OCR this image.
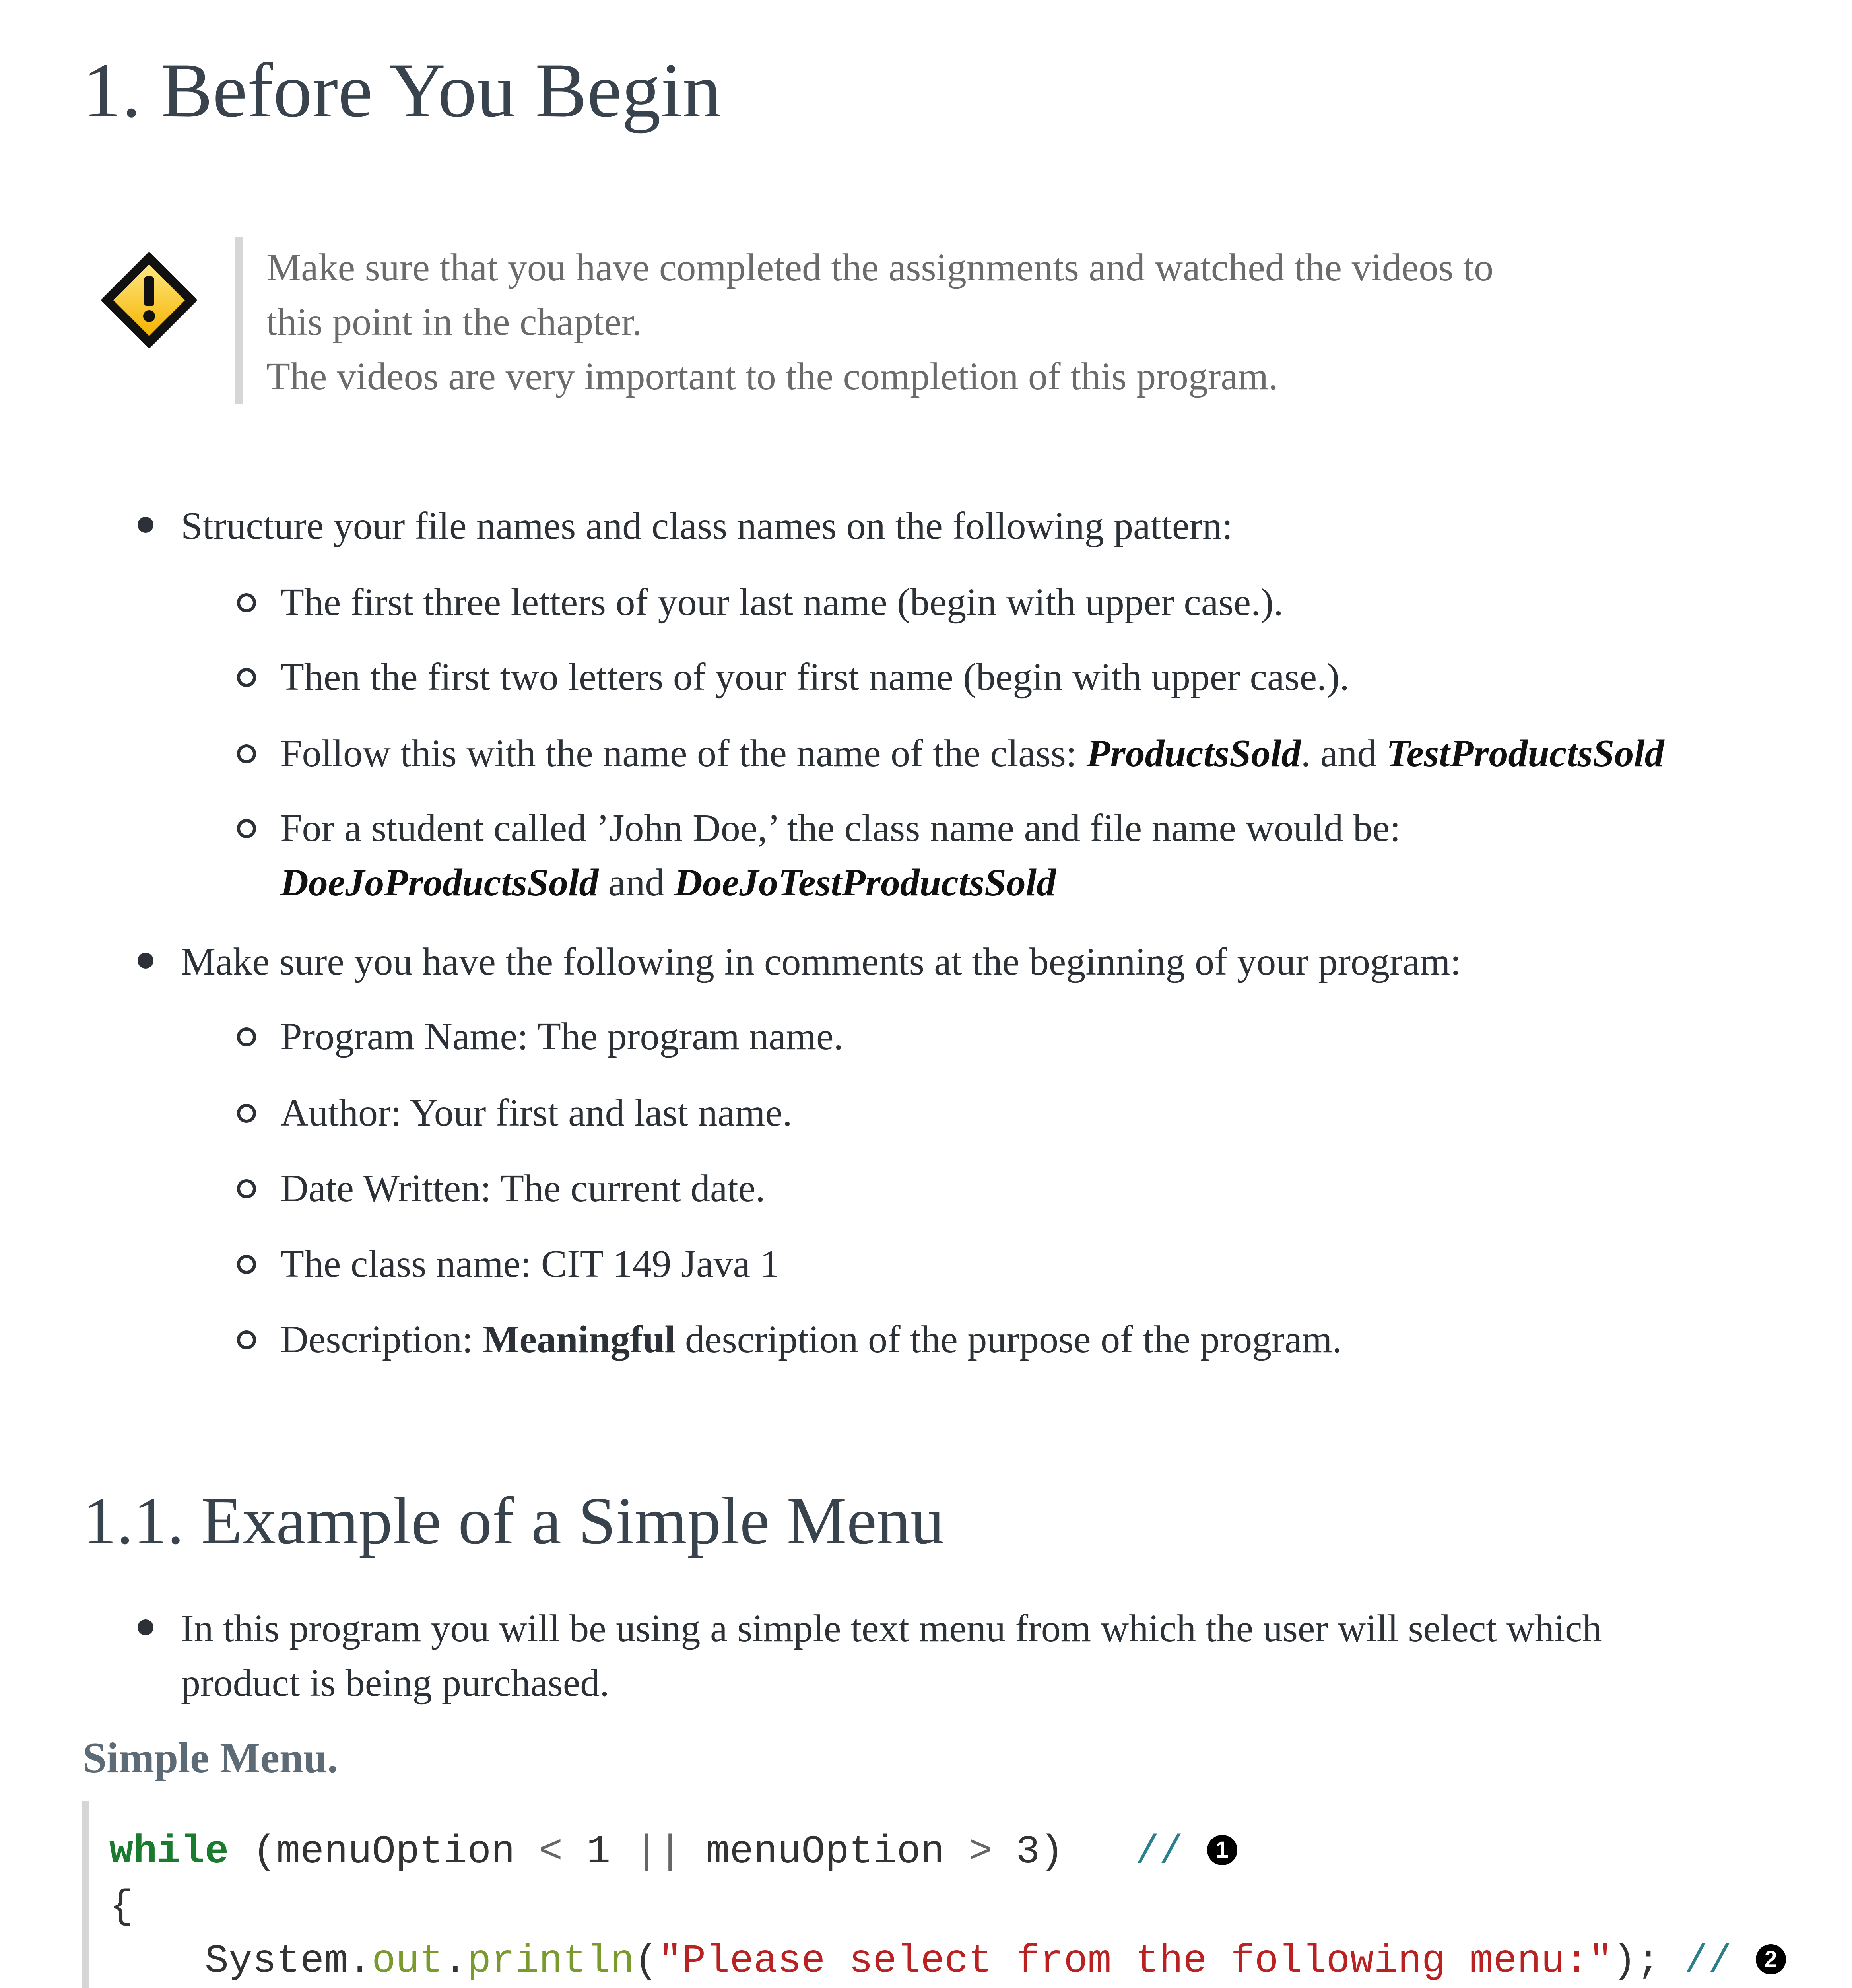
1. Before You Begin
Make sure that you have completed the assignments and watched the videos to
this point in the chapter.
The videos are very important to the completion of this program.
Structure your file names and class names on the following pattern:
The first three letters of your last name (begin with upper case.).
Then the first two letters of your first name (begin with upper case.).
Follow this with the name of the name of the class: ProductsSold. and TestProductsSold
For a student called ’John Doe,’ the class name and file name would be:
DoeJoProductsSold and DoeJoTestProductsSold
Make sure you have the following in comments at the beginning of your program:
Program Name: The program name.
Author: Your first and last name.
Date Written: The current date.
The class name: CIT 149 Java 1
Description: Meaningful description of the purpose of the program.
1.1. Example of a Simple Menu
In this program you will be using a simple text menu from which the user will select which
product is being purchased.
Simple Menu.
while (menuOption < 1 || menuOption > 3)   // 1
{
System.out.println("Please select from the following menu:"); // 2
